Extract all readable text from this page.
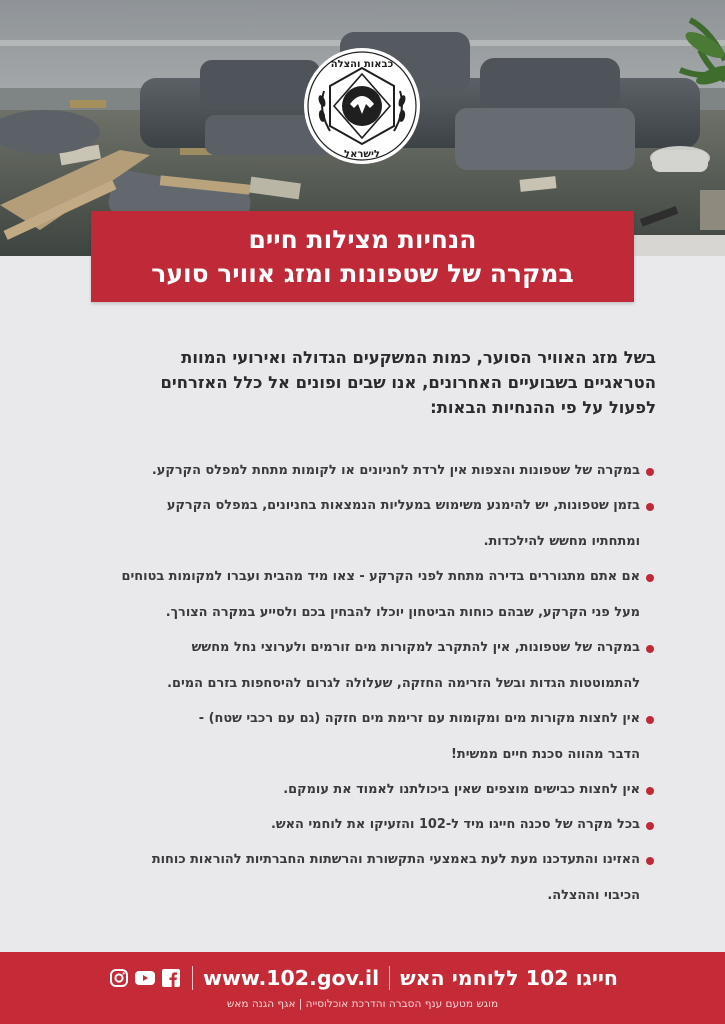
כבאות והצלה
לישראל
הנחיות מצילות חיים
במקרה של שטפונות ומזג אוויר סוער
בשל מזג האוויר הסוער, כמות המשקעים הגדולה ואירועי המוות
הטראגיים בשבועיים האחרונים, אנו שבים ופונים אל כלל האזרחים
לפעול על פי ההנחיות הבאות:
במקרה של שטפונות והצפות אין לרדת לחניונים או לקומות מתחת למפלס הקרקע.
בזמן שטפונות, יש להימנע משימוש במעליות הנמצאות בחניונים, במפלס הקרקע
ומתחתיו מחשש להילכדות.
אם אתם מתגוררים בדירה מתחת לפני הקרקע - צאו מיד מהבית ועברו למקומות בטוחים
מעל פני הקרקע, שבהם כוחות הביטחון יוכלו להבחין בכם ולסייע במקרה הצורך.
במקרה של שטפונות, אין להתקרב למקורות מים זורמים ולערוצי נחל מחשש
להתמוטטות הגדות ובשל הזרימה החזקה, שעלולה לגרום להיסחפות בזרם המים.
אין לחצות מקורות מים ומקומות עם זרימת מים חזקה (גם עם רכבי שטח) -
הדבר מהווה סכנת חיים ממשית!
אין לחצות כבישים מוצפים שאין ביכולתנו לאמוד את עומקם.
בכל מקרה של סכנה חייגו מיד ל-102 והזעיקו את לוחמי האש.
האזינו והתעדכנו מעת לעת באמצעי התקשורת והרשתות החברתיות להוראות כוחות
הכיבוי וההצלה.
חייגו 102 ללוחמי האש
www.102.gov.il
מוגש מטעם ענף הסברה והדרכת אוכלוסייה | אגף הגנה מאש
